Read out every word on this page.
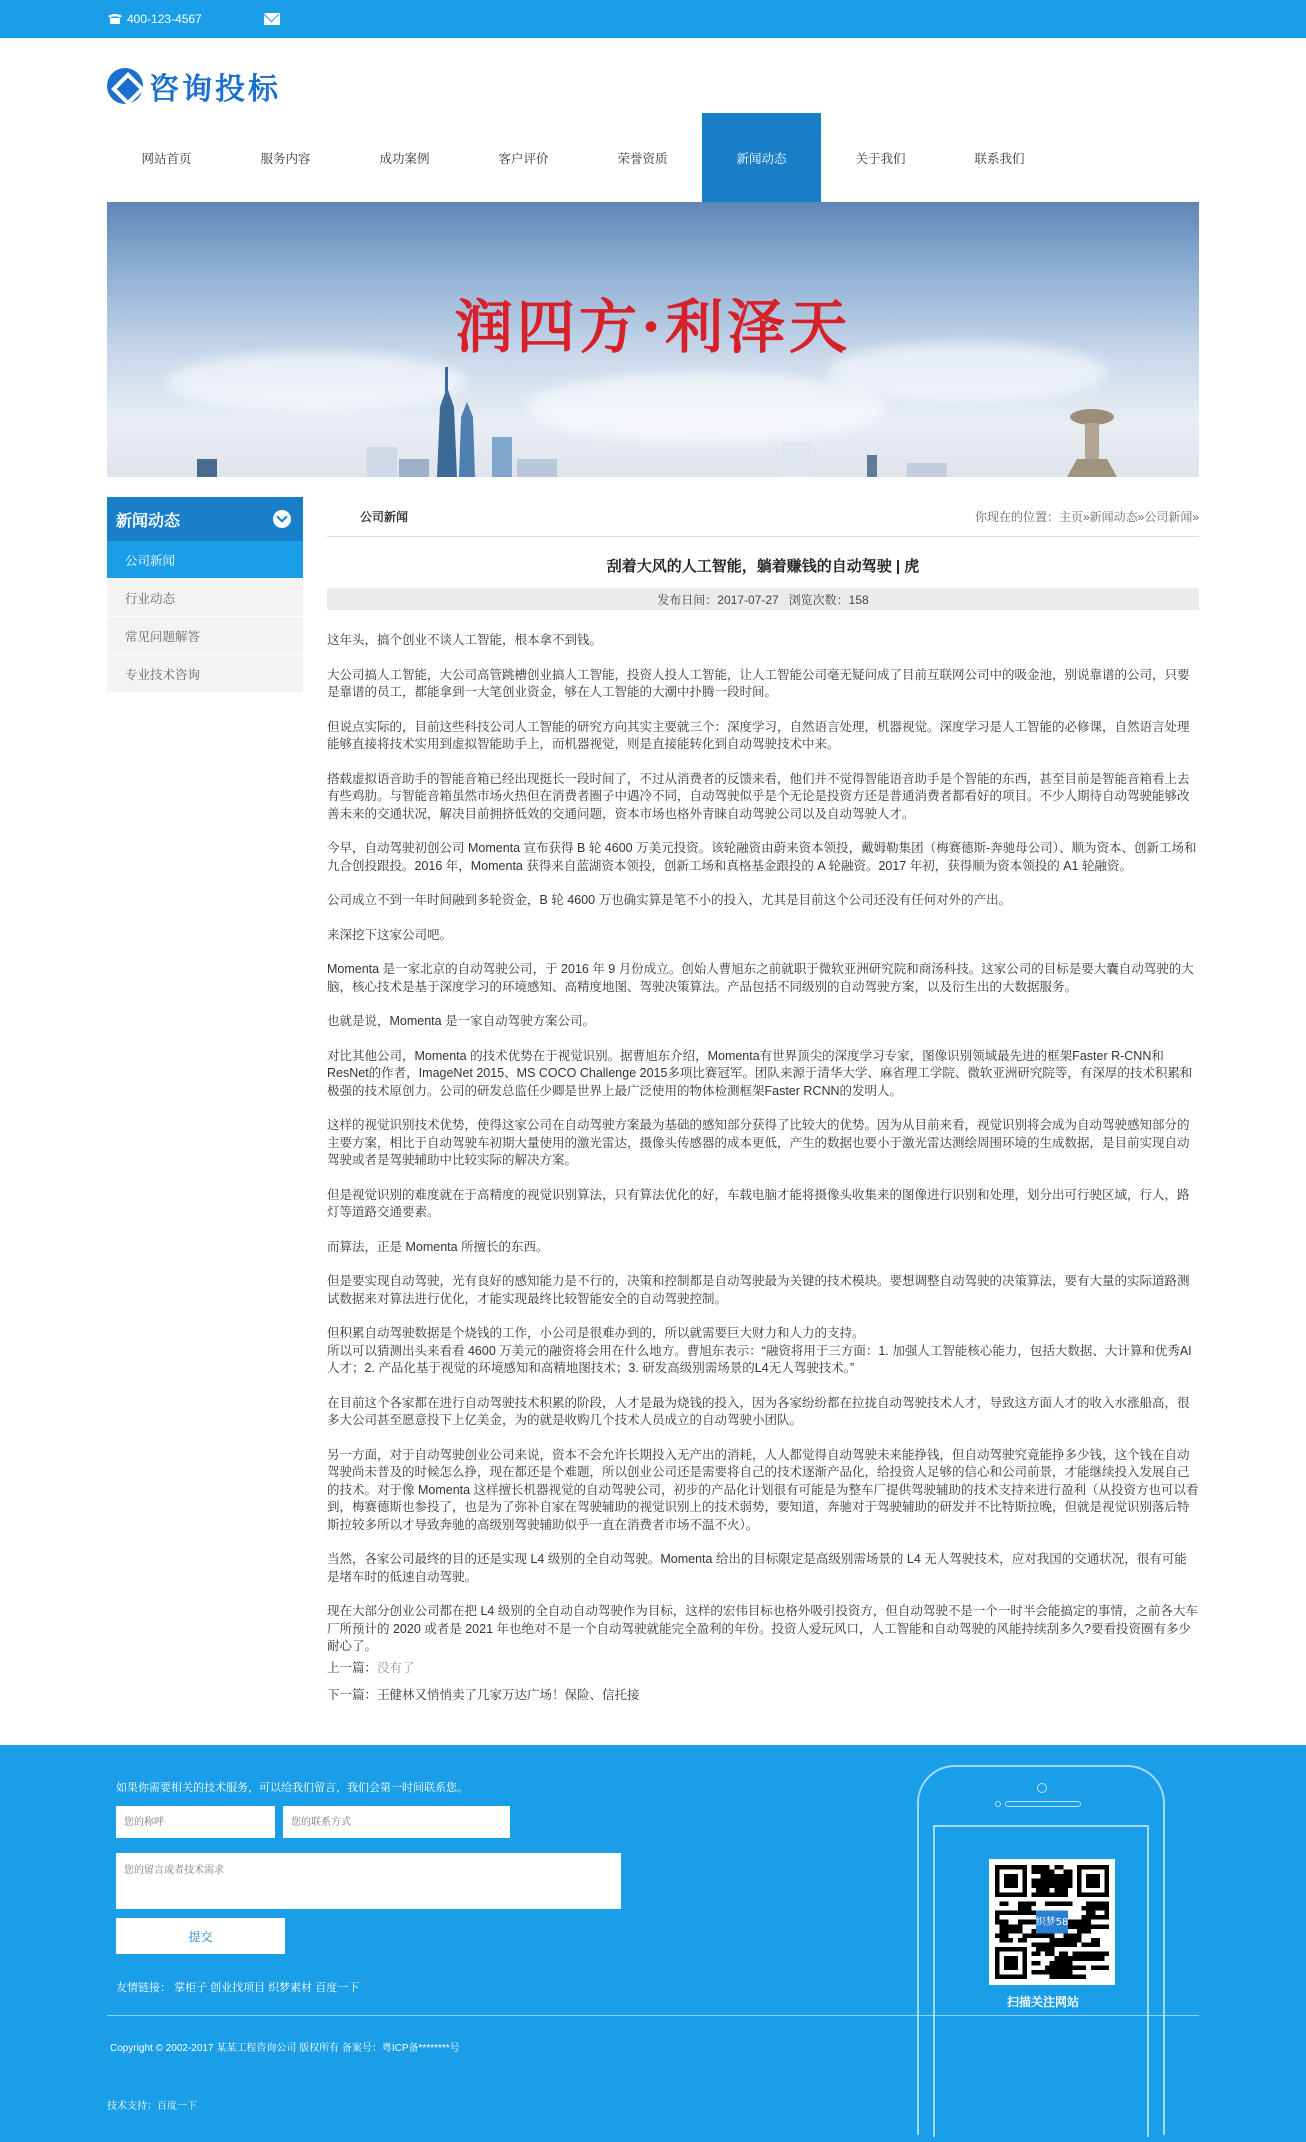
400-123-4567
咨询投标
网站首页	服务内容	成功案例	客户评价	荣誉资质	新闻动态	关于我们	联系我们
润四方·利泽天
新闻动态
公司新闻
行业动态
常见问题解答
专业技术咨询
公司新闻	你现在的位置：主页»新闻动态»公司新闻»
刮着大风的人工智能，躺着赚钱的自动驾驶 | 虎
发布日间：2017-07-27 浏览次数：158

这年头，搞个创业不谈人工智能，根本拿不到钱。

大公司搞人工智能，大公司高管跳槽创业搞人工智能，投资人投人工智能，让人工智能公司毫无疑问成了目前互联网公司中的吸金池，别说靠谱的公司，只要是靠谱的员工，都能拿到一大笔创业资金，够在人工智能的大潮中扑腾一段时间。

但说点实际的，目前这些科技公司人工智能的研究方向其实主要就三个：深度学习，自然语言处理，机器视觉。深度学习是人工智能的必修课，自然语言处理能够直接将技术实用到虚拟智能助手上，而机器视觉，则是直接能转化到自动驾驶技术中来。

搭载虚拟语音助手的智能音箱已经出现挺长一段时间了，不过从消费者的反馈来看，他们并不觉得智能语音助手是个智能的东西，甚至目前是智能音箱看上去有些鸡肋。与智能音箱虽然市场火热但在消费者圈子中遇冷不同，自动驾驶似乎是个无论是投资方还是普通消费者都看好的项目。不少人期待自动驾驶能够改善未来的交通状况，解决目前拥挤低效的交通问题，资本市场也格外青睐自动驾驶公司以及自动驾驶人才。

今早，自动驾驶初创公司 Momenta 宣布获得 B 轮 4600 万美元投资。该轮融资由蔚来资本领投，戴姆勒集团（梅赛德斯-奔驰母公司）、顺为资本、创新工场和九合创投跟投。2016 年，Momenta 获得来自蓝湖资本领投，创新工场和真格基金跟投的 A 轮融资。2017 年初，获得顺为资本领投的 A1 轮融资。

公司成立不到一年时间融到多轮资金，B 轮 4600 万也确实算是笔不小的投入，尤其是目前这个公司还没有任何对外的产出。

来深挖下这家公司吧。

Momenta 是一家北京的自动驾驶公司，于 2016 年 9 月份成立。创始人曹旭东之前就职于微软亚洲研究院和商汤科技。这家公司的目标是要大囊自动驾驶的大脑，核心技术是基于深度学习的环境感知、高精度地图、驾驶决策算法。产品包括不同级别的自动驾驶方案，以及衍生出的大数据服务。

也就是说，Momenta 是一家自动驾驶方案公司。

对比其他公司，Momenta 的技术优势在于视觉识别。据曹旭东介绍，Momenta有世界顶尖的深度学习专家，图像识别领域最先进的框架Faster R-CNN和ResNet的作者，ImageNet 2015、MS COCO Challenge 2015多项比赛冠军。团队来源于清华大学、麻省理工学院、微软亚洲研究院等，有深厚的技术积累和极强的技术原创力。公司的研发总监任少卿是世界上最广泛使用的物体检测框架Faster RCNN的发明人。

这样的视觉识别技术优势，使得这家公司在自动驾驶方案最为基础的感知部分获得了比较大的优势。因为从目前来看，视觉识别将会成为自动驾驶感知部分的主要方案，相比于自动驾驶车初期大量使用的激光雷达，摄像头传感器的成本更低，产生的数据也要小于激光雷达测绘周围环境的生成数据，是目前实现自动驾驶或者是驾驶辅助中比较实际的解决方案。

但是视觉识别的难度就在于高精度的视觉识别算法，只有算法优化的好，车载电脑才能将摄像头收集来的图像进行识别和处理，划分出可行驶区域，行人，路灯等道路交通要素。

而算法，正是 Momenta 所擅长的东西。

但是要实现自动驾驶，光有良好的感知能力是不行的，决策和控制都是自动驾驶最为关键的技术模块。要想调整自动驾驶的决策算法，要有大量的实际道路测试数据来对算法进行优化，才能实现最终比较智能安全的自动驾驶控制。

但积累自动驾驶数据是个烧钱的工作，小公司是很难办到的，所以就需要巨大财力和人力的支持。

所以可以猜测出头来看看 4600 万美元的融资将会用在什么地方。曹旭东表示：“融资将用于三方面：1. 加强人工智能核心能力，包括大数据、大计算和优秀AI人才；2. 产品化基于视觉的环境感知和高精地图技术；3. 研发高级别需场景的L4无人驾驶技术。”

在目前这个各家都在进行自动驾驶技术积累的阶段，人才是最为烧钱的投入，因为各家纷纷都在拉拢自动驾驶技术人才，导致这方面人才的收入水涨船高，很多大公司甚至愿意投下上亿美金，为的就是收购几个技术人员成立的自动驾驶小团队。

另一方面，对于自动驾驶创业公司来说，资本不会允许长期投入无产出的消耗，人人都觉得自动驾驶未来能挣钱，但自动驾驶究竟能挣多少钱，这个钱在自动驾驶尚未普及的时候怎么挣，现在都还是个难题，所以创业公司还是需要将自己的技术逐渐产品化，给投资人足够的信心和公司前景，才能继续投入发展自己的技术。对于像 Momenta 这样擅长机器视觉的自动驾驶公司，初步的产品化计划很有可能是为整车厂提供驾驶辅助的技术支持来进行盈利（从投资方也可以看到，梅赛德斯也参投了，也是为了弥补自家在驾驶辅助的视觉识别上的技术弱势，要知道，奔驰对于驾驶辅助的研发并不比特斯拉晚，但就是视觉识别落后特斯拉较多所以才导致奔驰的高级别驾驶辅助似乎一直在消费者市场不温不火）。

当然，各家公司最终的目的还是实现 L4 级别的全自动驾驶。Momenta 给出的目标限定是高级别需场景的 L4 无人驾驶技术，应对我国的交通状况，很有可能是堵车时的低速自动驾驶。

现在大部分创业公司都在把 L4 级别的全自动自动驾驶作为目标，这样的宏伟目标也格外吸引投资方，但自动驾驶不是一个一时半会能搞定的事情，之前各大车厂所预计的 2020 或者是 2021 年也绝对不是一个自动驾驶就能完全盈利的年份。投资人爱玩风口，人工智能和自动驾驶的风能持续刮多久?要看投资圈有多少耐心了。

上一篇：没有了
下一篇：王健林又悄悄卖了几家万达广场！保险、信托接
如果你需要相关的技术服务，可以给我们留言，我们会第一时间联系您。
您的称呼
您的联系方式
您的留言或者技术需求
提交
友情链接： 掌柜子 创业找项目 织梦素材 百度一下
Copyright © 2002-2017 某某工程咨询公司 版权所有 备案号：粤ICP备********号
技术支持：百度一下
织梦58
扫描关注网站
